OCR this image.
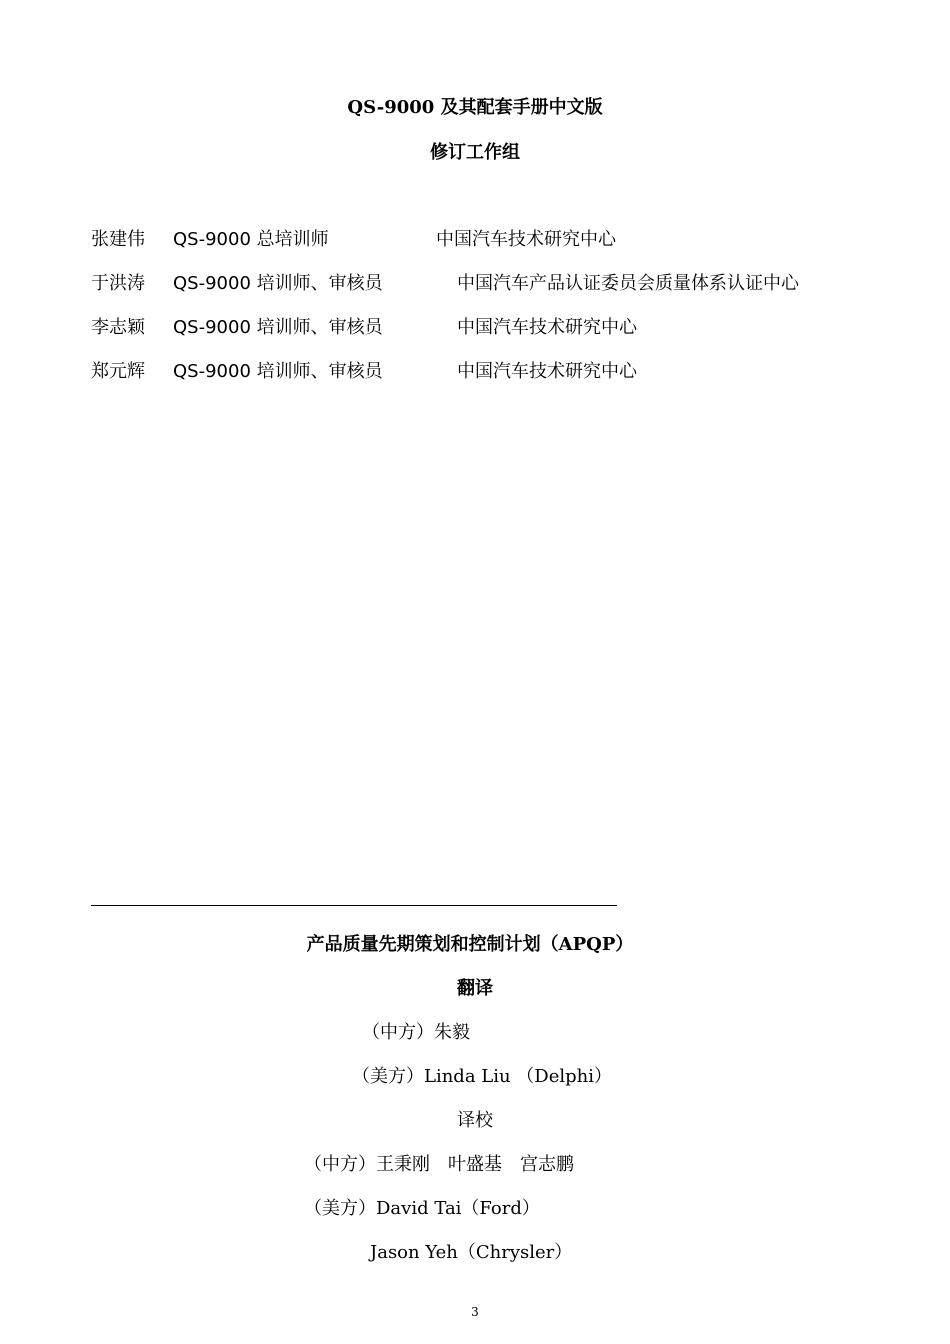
QS-9000 及其配套手册中文版
修订工作组
张建伟 QS-9000 总培训师	中国汽车技术研究中心
于洪涛 QS-9000 培训师、审核员	中国汽车产品认证委员会质量体系认证中心
李志颖 QS-9000 培训师、审核员	中国汽车技术研究中心
郑元辉 QS-9000 培训师、审核员	中国汽车技术研究中心
产品质量先期策划和控制计划（APQP）
翻译
（中方）朱毅
（美方）Linda Liu （Delphi）
译校
（中方）王秉刚　叶盛基　宫志鹏
（美方）David Tai（Ford）
Jason Yeh（Chrysler）
3
